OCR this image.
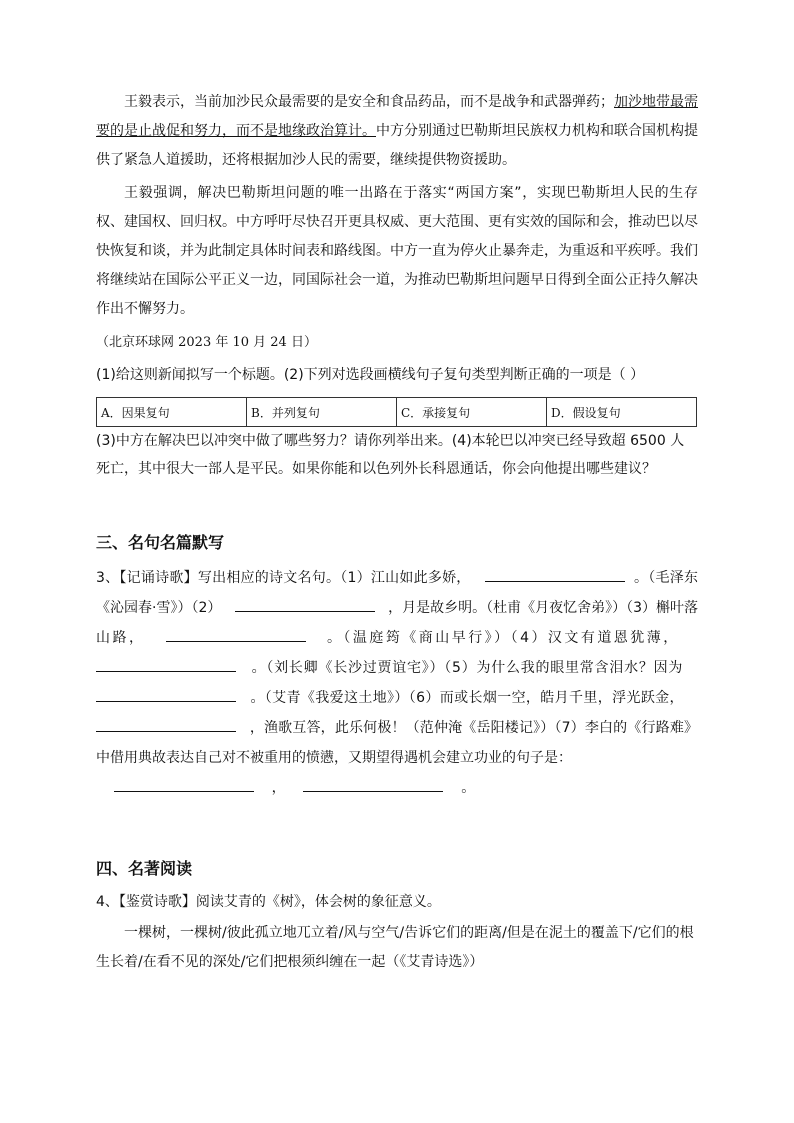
王毅表示，当前加沙民众最需要的是安全和食品药品，而不是战争和武器弹药；加沙地带最需要的是止战促和努力，而不是地缘政治算计。中方分别通过巴勒斯坦民族权力机构和联合国机构提供了紧急人道援助，还将根据加沙人民的需要，继续提供物资援助。

王毅强调，解决巴勒斯坦问题的唯一出路在于落实“两国方案”，实现巴勒斯坦人民的生存权、建国权、回归权。中方呼吁尽快召开更具权威、更大范围、更有实效的国际和会，推动巴以尽快恢复和谈，并为此制定具体时间表和路线图。中方一直为停火止暴奔走，为重返和平疾呼。我们将继续站在国际公平正义一边，同国际社会一道，为推动巴勒斯坦问题早日得到全面公正持久解决作出不懈努力。

（北京环球网 2023 年 10 月 24 日）

(1)给这则新闻拟写一个标题。(2)下列对选段画横线句子复句类型判断正确的一项是（ ）

A．因果复句	B．并列复句	C．承接复句	D．假设复句

(3)中方在解决巴以冲突中做了哪些努力？请你列举出来。(4)本轮巴以冲突已经导致超 6500 人死亡，其中很大一部人是平民。如果你能和以色列外长科恩通话，你会向他提出哪些建议？

三、名句名篇默写

3、【记诵诗歌】写出相应的诗文名句。（1）江山如此多娇，	。（毛泽东《沁园春·雪》）（2）	，月是故乡明。（杜甫《月夜忆舍弟》）（3）槲叶落山路，	。（温庭筠《商山早行》）（4）汉文有道恩犹薄，      。（刘长卿《长沙过贾谊宅》）（5）为什么我的眼里常含泪水？因为      。（艾青《我爱这土地》）（6）而或长烟一空，皓月千里，浮光跃金，      ，渔歌互答，此乐何极！（范仲淹《岳阳楼记》）（7）李白的《行路难》中借用典故表达自己对不被重用的愤懑，又期望得遇机会建立功业的句子是：
，	。

四、名著阅读

4、【鉴赏诗歌】阅读艾青的《树》，体会树的象征意义。

一棵树，一棵树/彼此孤立地兀立着/风与空气/告诉它们的距离/但是在泥土的覆盖下/它们的根生长着/在看不见的深处/它们把根须纠缠在一起（《艾青诗选》）
